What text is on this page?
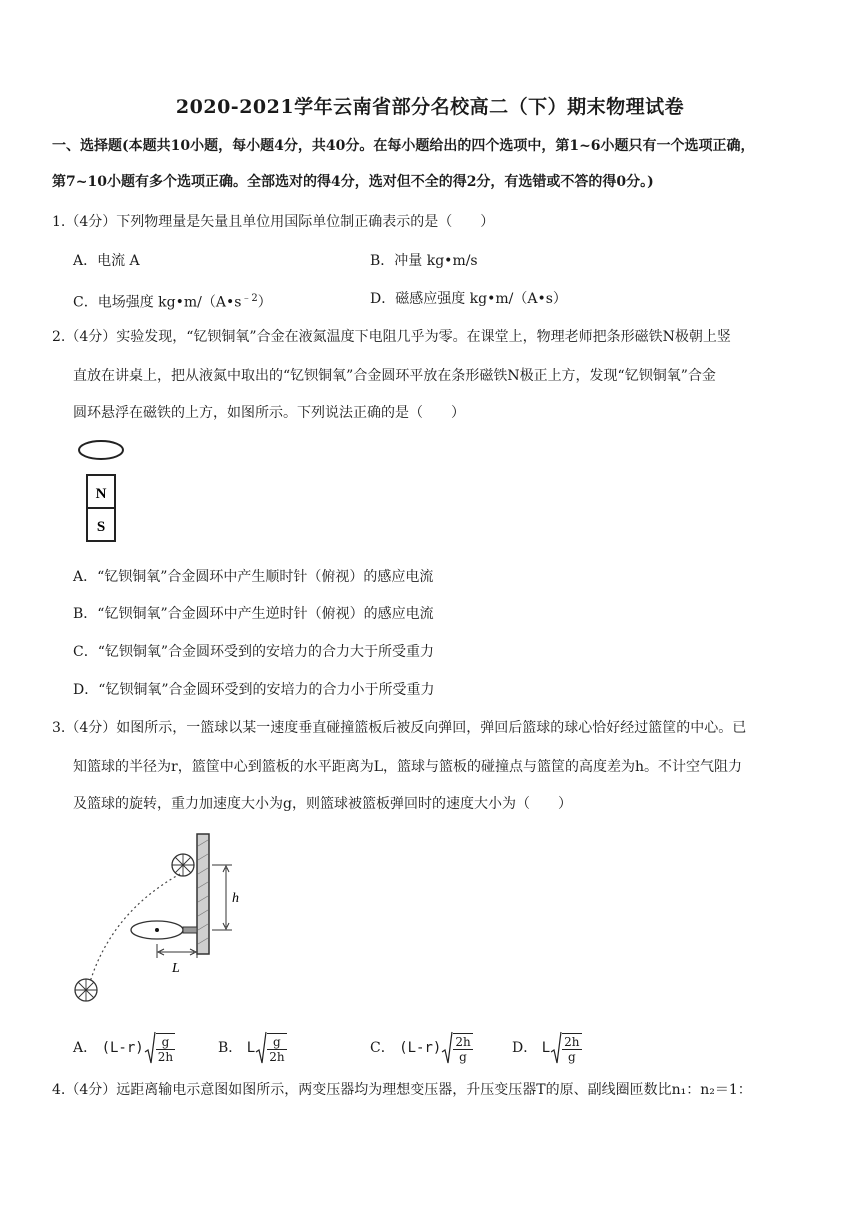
2020-2021学年云南省部分名校高二（下）期末物理试卷
一、选择题(本题共10小题，每小题4分，共40分。在每小题给出的四个选项中，第1~6小题只有一个选项正确，
第7~10小题有多个选项正确。全部选对的得4分，选对但不全的得2分，有选错或不答的得0分。)
1.（4分）下列物理量是矢量且单位用国际单位制正确表示的是（　　）
A．电流 A	B．冲量 kg•m/s
C．电场强度 $kg•m/(A•s^{﹣2})$	D．磁感应强度 kg•m/（A•s）
2.（4分）实验发现，“钇钡铜氧”合金在液氮温度下电阻几乎为零。在课堂上，物理老师把条形磁铁N极朝上竖
直放在讲桌上，把从液氮中取出的“钇钡铜氧”合金圆环平放在条形磁铁N极正上方，发现“钇钡铜氧”合金
圆环悬浮在磁铁的上方，如图所示。下列说法正确的是（　　）
N
S
A．“钇钡铜氧”合金圆环中产生顺时针（俯视）的感应电流
B．“钇钡铜氧”合金圆环中产生逆时针（俯视）的感应电流
C．“钇钡铜氧”合金圆环受到的安培力的合力大于所受重力
D．“钇钡铜氧”合金圆环受到的安培力的合力小于所受重力
3.（4分）如图所示，一篮球以某一速度垂直碰撞篮板后被反向弹回，弹回后篮球的球心恰好经过篮筐的中心。已
知篮球的半径为r，篮筐中心到篮板的水平距离为L，篮球与篮板的碰撞点与篮筐的高度差为h。不计空气阻力
及篮球的旋转，重力加速度大小为g，则篮球被篮板弹回时的速度大小为（　　）
h
L
A． $(L-r) \frac{g}{2h}$	B． L $\frac{g}{2h}$	C． $(L-r) \frac{2h}{g}$	D． L $\frac{2h}{g}$
4.（4分）远距离输电示意图如图所示，两变压器均为理想变压器，升压变压器T的原、副线圈匝数比n₁：n₂＝1：
